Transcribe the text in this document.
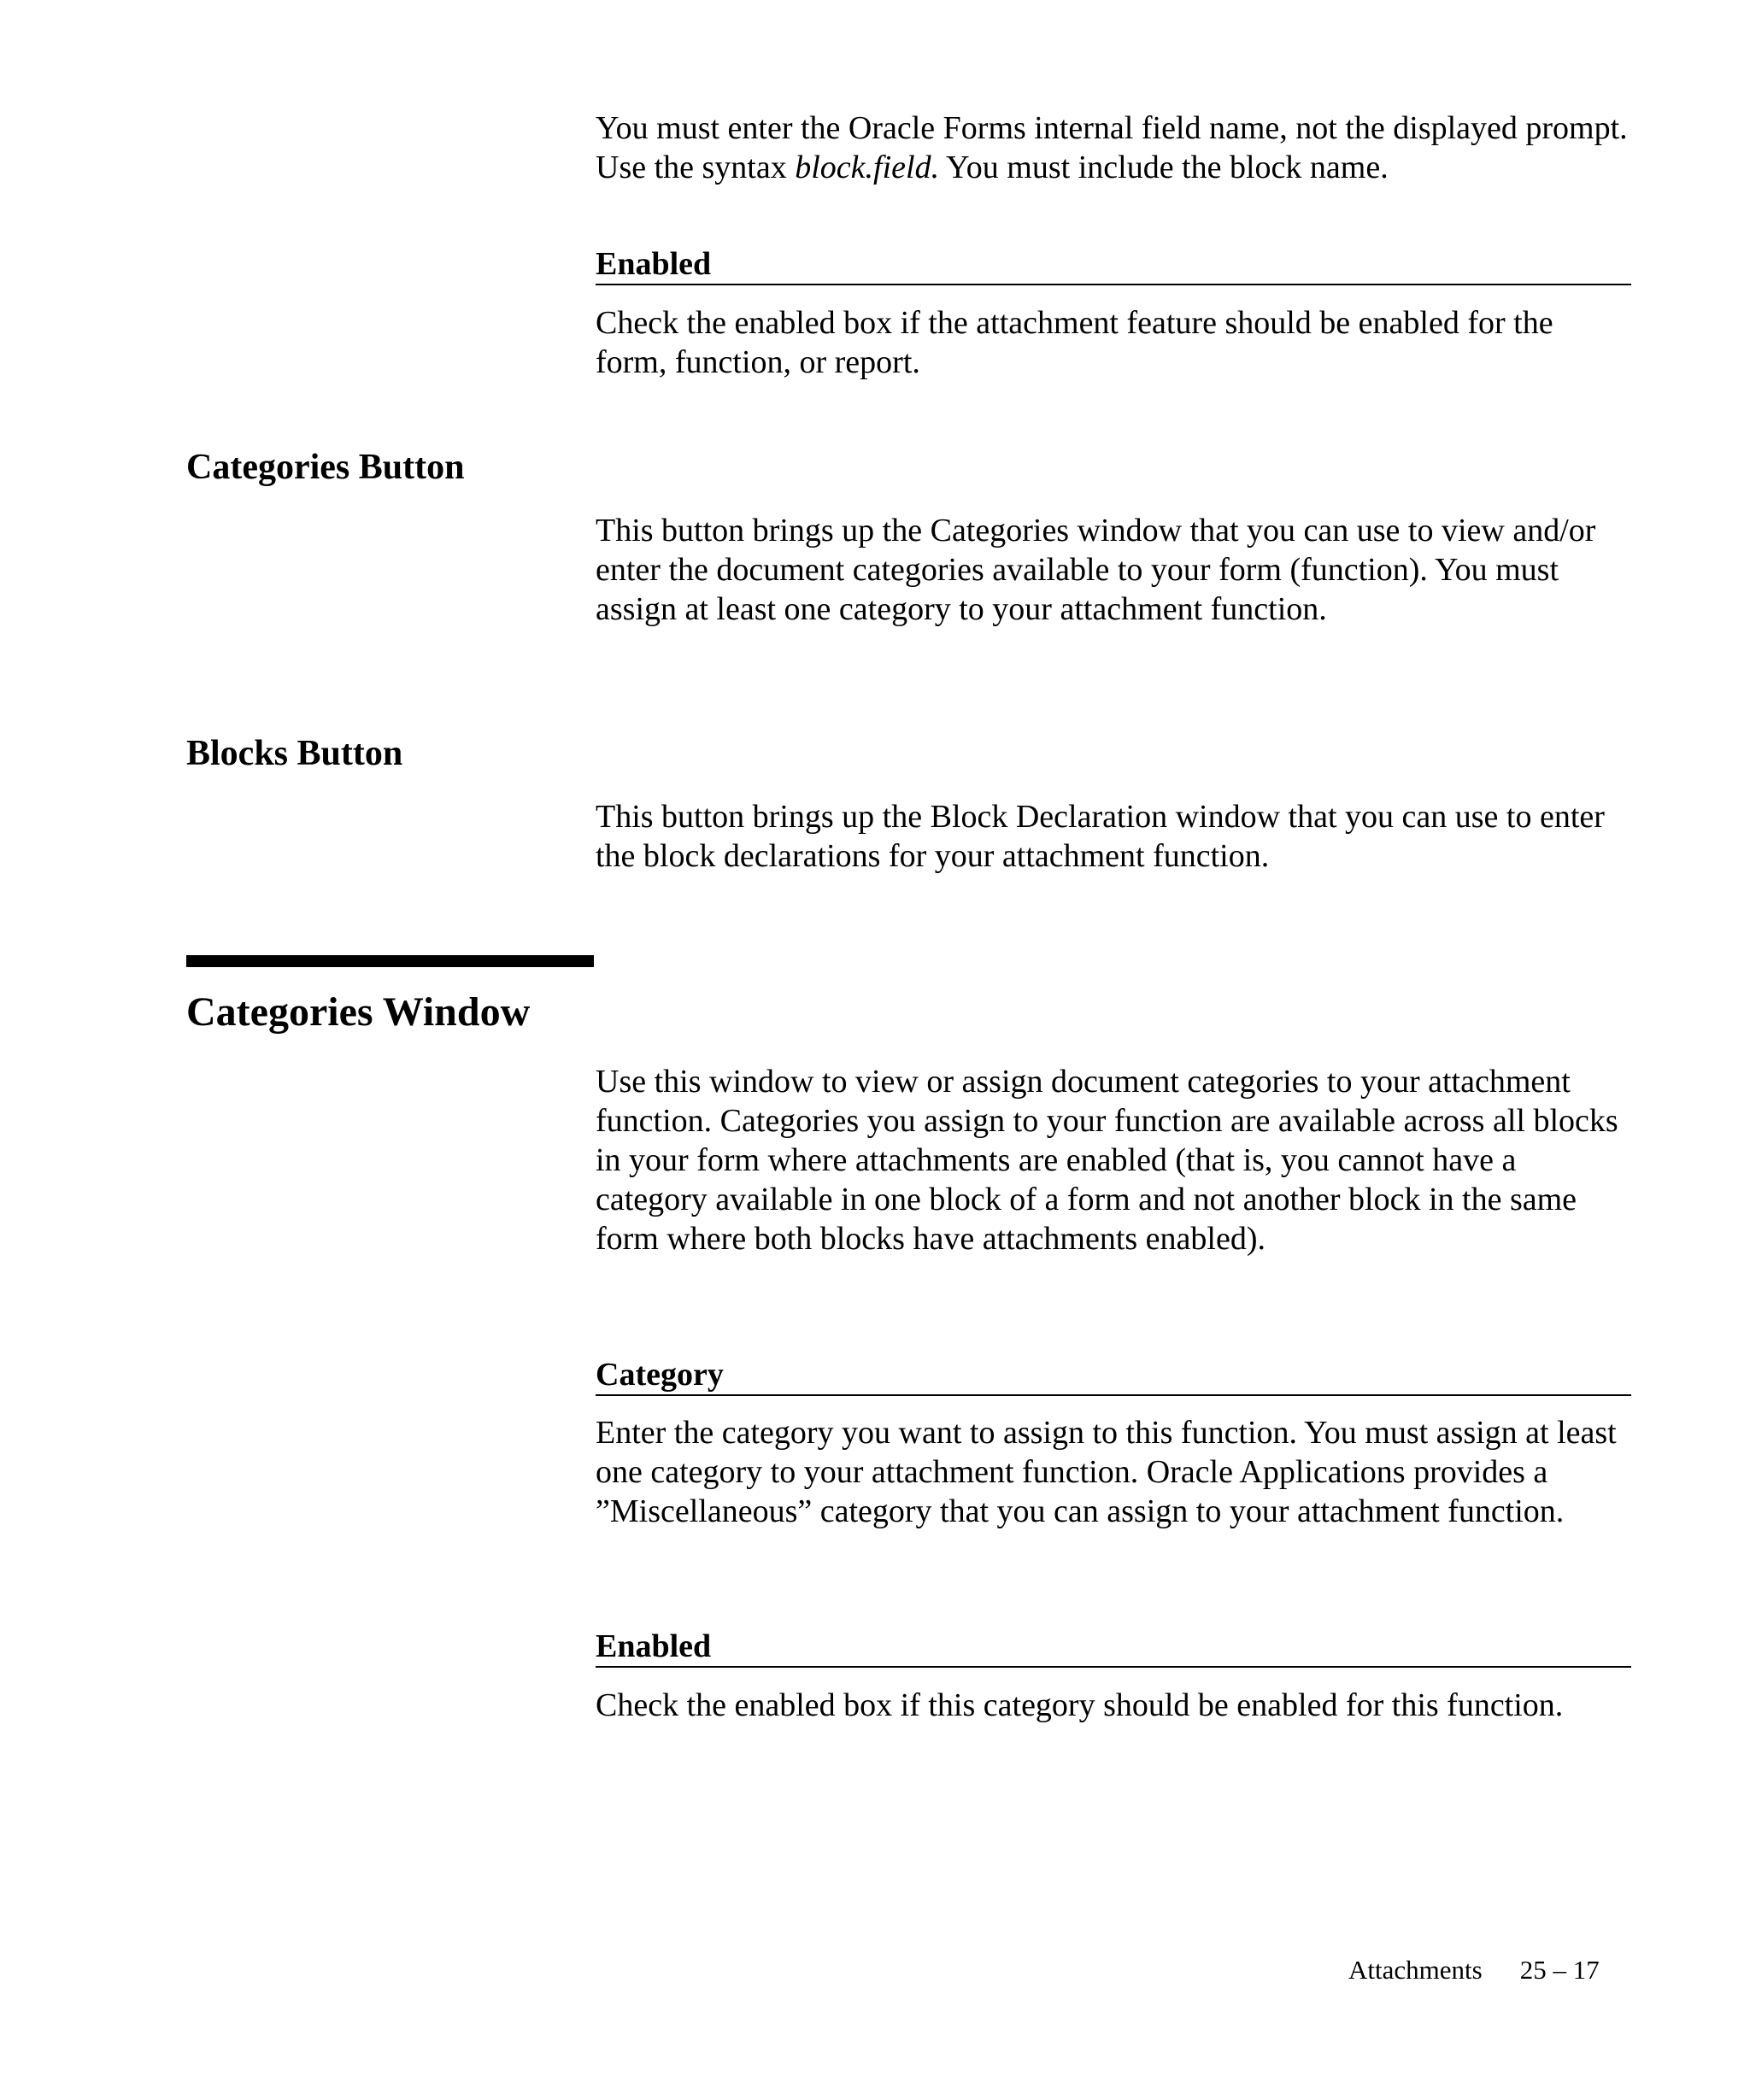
You must enter the Oracle Forms internal field name, not the displayed prompt. Use the syntax block.field. You must include the block name.

Enabled

Check the enabled box if the attachment feature should be enabled for the form, function, or report.

Categories Button

This button brings up the Categories window that you can use to view and/or enter the document categories available to your form (function). You must assign at least one category to your attachment function.

Blocks Button

This button brings up the Block Declaration window that you can use to enter the block declarations for your attachment function.

Categories Window

Use this window to view or assign document categories to your attachment function. Categories you assign to your function are available across all blocks in your form where attachments are enabled (that is, you cannot have a category available in one block of a form and not another block in the same form where both blocks have attachments enabled).

Category

Enter the category you want to assign to this function. You must assign at least one category to your attachment function. Oracle Applications provides a ”Miscellaneous” category that you can assign to your attachment function.

Enabled

Check the enabled box if this category should be enabled for this function.

Attachments 25 – 17
